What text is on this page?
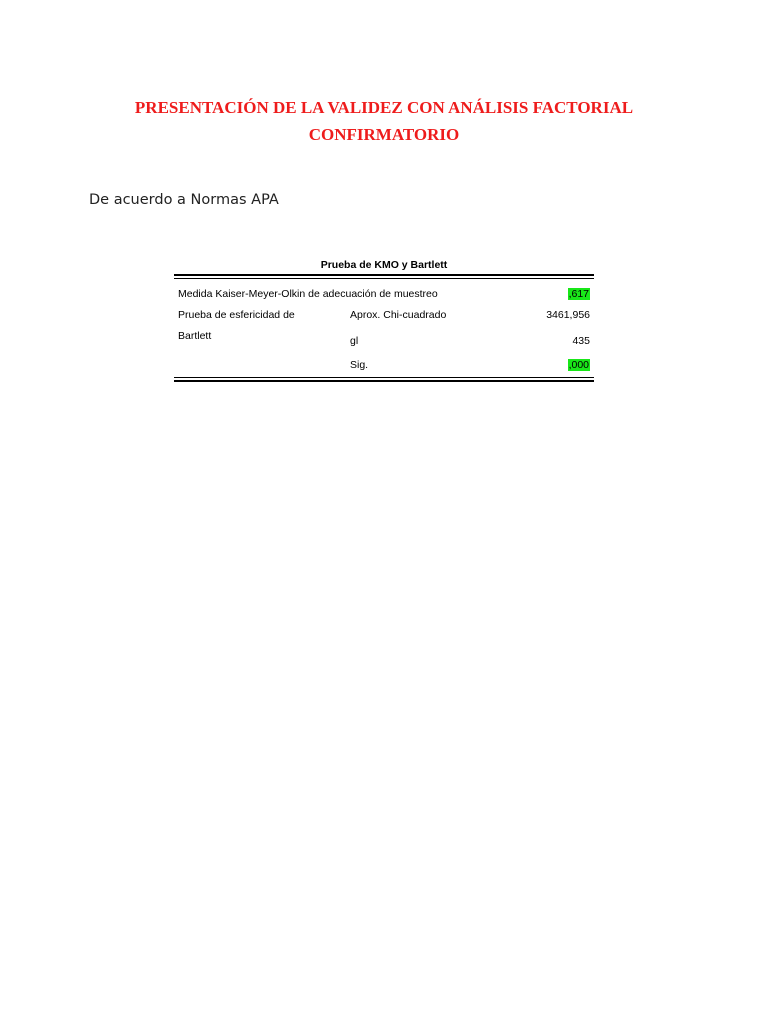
PRESENTACIÓN DE LA VALIDEZ CON ANÁLISIS FACTORIAL
CONFIRMATORIO
De acuerdo a Normas APA
Prueba de KMO y Bartlett
Medida Kaiser-Meyer-Olkin de adecuación de muestreo	,617
Prueba de esfericidad de
Bartlett
Aprox. Chi-cuadrado	3461,956
gl	435
Sig.	,000
